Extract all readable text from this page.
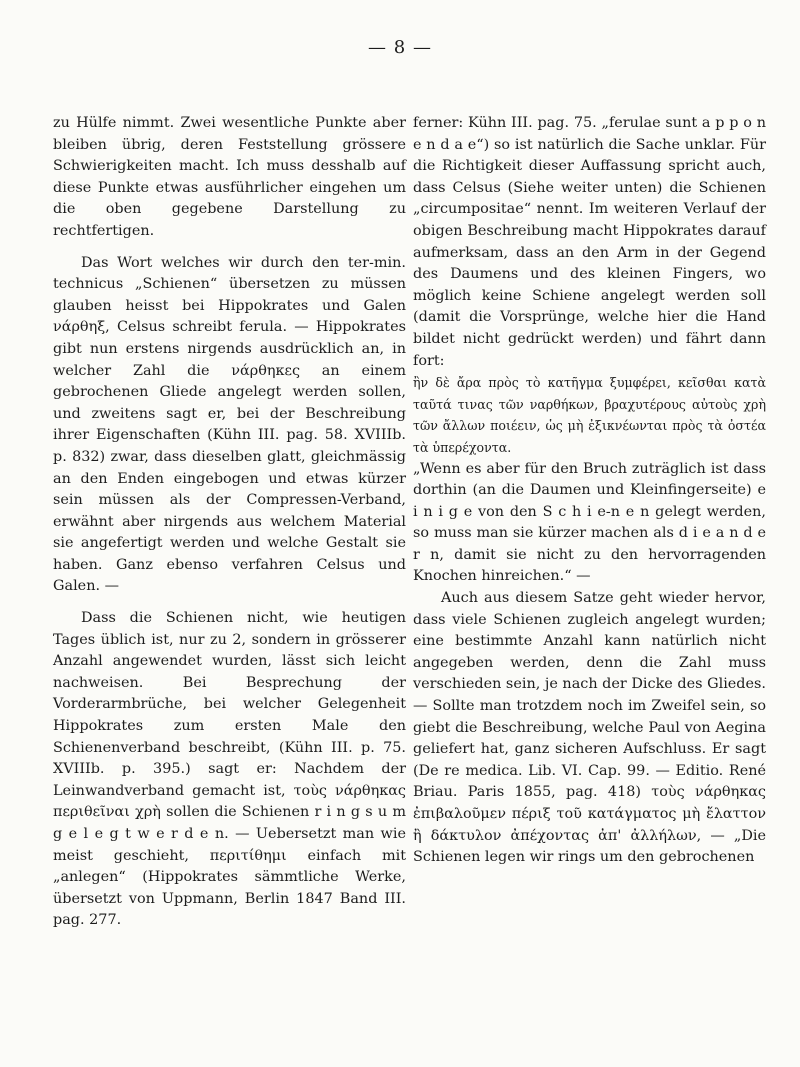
— 8 —

zu Hülfe nimmt. Zwei wesentliche Punkte aber bleiben übrig, deren Feststellung grössere Schwierigkeiten macht. Ich muss desshalb auf diese Punkte etwas ausführlicher eingehen um die oben gegebene Darstellung zu rechtfertigen.

Das Wort welches wir durch den ter-min. technicus „Schienen“ übersetzen zu müssen glauben heisst bei Hippokrates und Galen νάρθηξ, Celsus schreibt ferula. — Hippokrates gibt nun erstens nirgends ausdrücklich an, in welcher Zahl die νάρθηκες an einem gebrochenen Gliede angelegt werden sollen, und zweitens sagt er, bei der Beschreibung ihrer Eigenschaften (Kühn III. pag. 58. XVIIIb. p. 832) zwar, dass dieselben glatt, gleichmässig an den Enden eingebogen und etwas kürzer sein müssen als der Compressen-Verband, erwähnt aber nirgends aus welchem Material sie angefertigt werden und welche Gestalt sie haben. Ganz ebenso verfahren Celsus und Galen. —

Dass die Schienen nicht, wie heutigen Tages üblich ist, nur zu 2, sondern in grösserer Anzahl angewendet wurden, lässt sich leicht nachweisen. Bei Besprechung der Vorderarmbrüche, bei welcher Gelegenheit Hippokrates zum ersten Male den Schienenverband beschreibt, (Kühn III. p. 75. XVIIIb. p. 395.) sagt er: Nachdem der Leinwandverband gemacht ist, τοὺς νάρθηκας περιθεῖναι χρὴ sollen die Schienen r i n g s u m g e l e g t w e r d e n. — Uebersetzt man wie meist geschieht, περιτίθημι einfach mit „anlegen“ (Hippokrates sämmtliche Werke, übersetzt von Uppmann, Berlin 1847 Band III. pag. 277.

ferner: Kühn III. pag. 75. „ferulae sunt a p p o n e n d a e“) so ist natürlich die Sache unklar. Für die Richtigkeit dieser Auffassung spricht auch, dass Celsus (Siehe weiter unten) die Schienen „circumpositae“ nennt. Im weiteren Verlauf der obigen Beschreibung macht Hippokrates darauf aufmerksam, dass an den Arm in der Gegend des Daumens und des kleinen Fingers, wo möglich keine Schiene angelegt werden soll (damit die Vorsprünge, welche hier die Hand bildet nicht gedrückt werden) und fährt dann fort:

ἢν δὲ ἄρα πρὸς τὸ κατῆγμα ξυμφέρει, κεῖσθαι κατὰ ταῦτά τινας τῶν ναρθήκων, βραχυτέρους αὐτοὺς χρὴ τῶν ἄλλων ποιέειν, ὡς μὴ ἐξικνέωνται πρὸς τὰ ὀστέα τὰ ὑπερέχοντα.

„Wenn es aber für den Bruch zuträglich ist dass dorthin (an die Daumen und Kleinfingerseite) e i n i g e von den S c h i e-n e n gelegt werden, so muss man sie kürzer machen als d i e a n d e r n, damit sie nicht zu den hervorragenden Knochen hinreichen.“ —

Auch aus diesem Satze geht wieder hervor, dass viele Schienen zugleich angelegt wurden; eine bestimmte Anzahl kann natürlich nicht angegeben werden, denn die Zahl muss verschieden sein, je nach der Dicke des Gliedes. — Sollte man trotzdem noch im Zweifel sein, so giebt die Beschreibung, welche Paul von Aegina geliefert hat, ganz sicheren Aufschluss. Er sagt (De re medica. Lib. VI. Cap. 99. — Editio. René Briau. Paris 1855, pag. 418) τοὺς νάρθηκας ἐπιβαλοῦμεν πέριξ τοῦ κατάγματος μὴ ἔλαττον ἢ δάκτυλον ἀπέχοντας ἀπ' ἀλλήλων, — „Die Schienen legen wir rings um den gebrochenen
